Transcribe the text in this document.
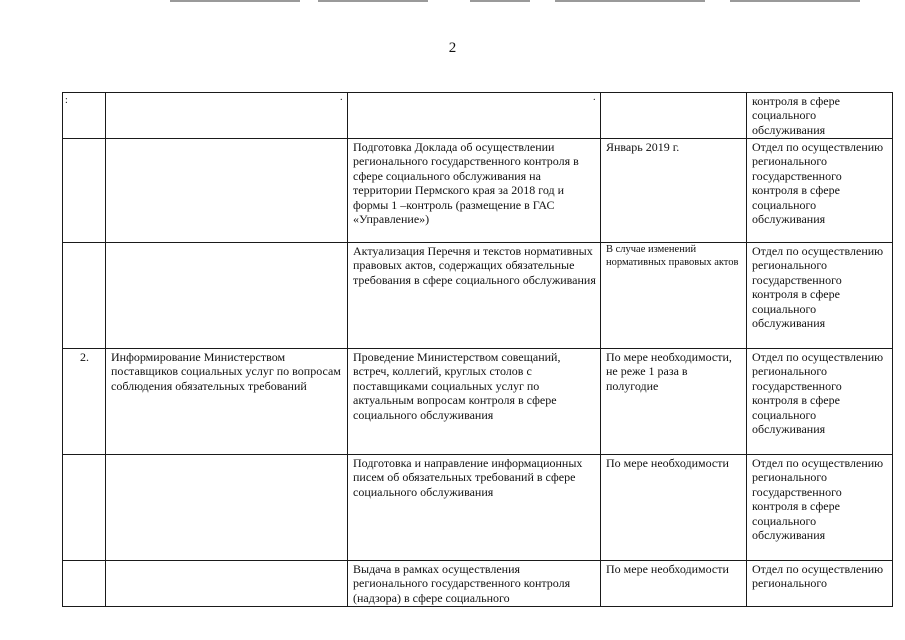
2
:	·	·		контроля в сфере социального обслуживания
		Подготовка Доклада об осуществлении регионального государственного контроля в сфере социального обслуживания на территории Пермского края за 2018 год и формы 1 –контроль (размещение в ГАС «Управление»)	Январь 2019 г.	Отдел по осуществлению регионального государственного контроля в сфере социального обслуживания
		Актуализация Перечня и текстов нормативных правовых актов, содержащих обязательные требования в сфере социального обслуживания	В случае изменений нормативных правовых актов	Отдел по осуществлению регионального государственного контроля в сфере социального обслуживания
2.	Информирование Министерством поставщиков социальных услуг по вопросам соблюдения обязательных требований	Проведение Министерством совещаний, встреч, коллегий, круглых столов с поставщиками социальных услуг по актуальным вопросам контроля в сфере социального обслуживания	По мере необходимости, не реже 1 раза в полугодие	Отдел по осуществлению регионального государственного контроля в сфере социального обслуживания
		Подготовка и направление информационных писем об обязательных требований в сфере социального обслуживания	По мере необходимости	Отдел по осуществлению регионального государственного контроля в сфере социального обслуживания
		Выдача в рамках осуществления регионального государственного контроля (надзора) в сфере социального	По мере необходимости	Отдел по осуществлению регионального
